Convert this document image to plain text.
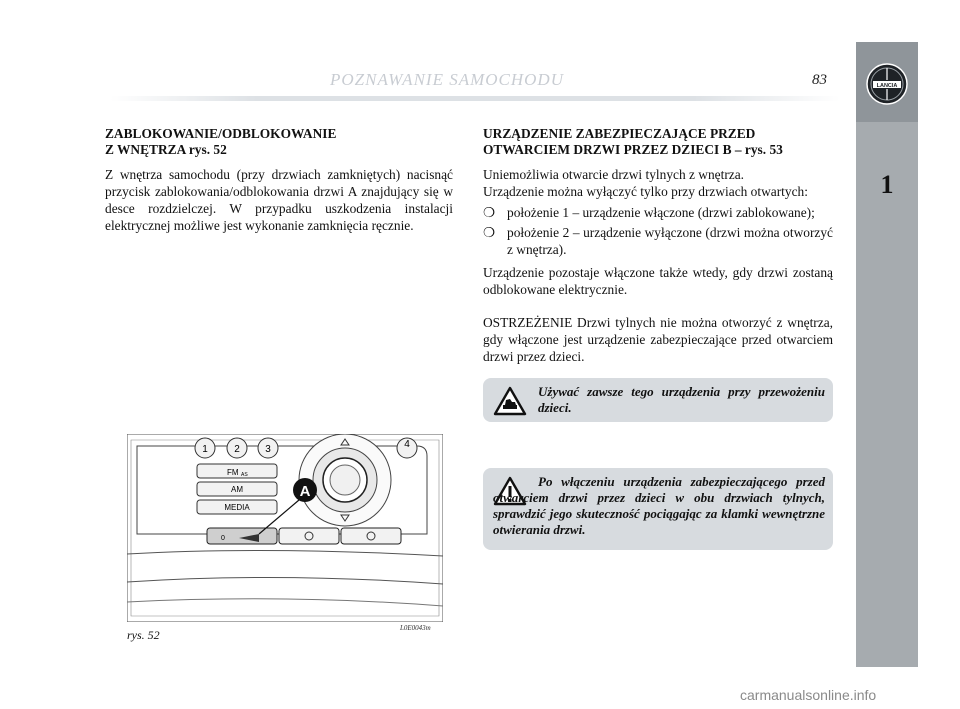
POZNAWANIE SAMOCHODU	83	LANCIA
1
ZABLOKOWANIE/ODBLOKOWANIE
Z WNĘTRZA rys. 52

Z wnętrza samochodu (przy drzwiach zamkniętych) nacisnąć przycisk zablokowania/odblokowania drzwi A znajdujący się w desce rozdzielczej. W przypadku uszkodzenia instalacji elektrycznej możliwe jest wykonanie zamknięcia ręcznie.

URZĄDZENIE ZABEZPIECZAJĄCE PRZED
OTWARCIEM DRZWI PRZEZ DZIECI B – rys. 53

Uniemożliwia otwarcie drzwi tylnych z wnętrza.
Urządzenie można wyłączyć tylko przy drzwiach otwartych:

❍ położenie 1 – urządzenie włączone (drzwi zablokowane);
❍ położenie 2 – urządzenie wyłączone (drzwi można otworzyć z wnętrza).

Urządzenie pozostaje włączone także wtedy, gdy drzwi zostaną odblokowane elektrycznie.

OSTRZEŻENIE Drzwi tylnych nie można otworzyć z wnętrza, gdy włączone jest urządzenie zabezpieczające przed otwarciem drzwi przez dzieci.

Używać zawsze tego urządzenia przy przewożeniu dzieci.
Po włączeniu urządzenia zabezpieczającego przed otwarciem drzwi przez dzieci w obu drzwiach tylnych, sprawdzić jego skuteczność pociągając za klamki wewnętrzne otwierania drzwi.
1	2	3	4
FM AS
AM
MEDIA
0
A
rys. 52	L0E0043m
carmanualsonline.info
